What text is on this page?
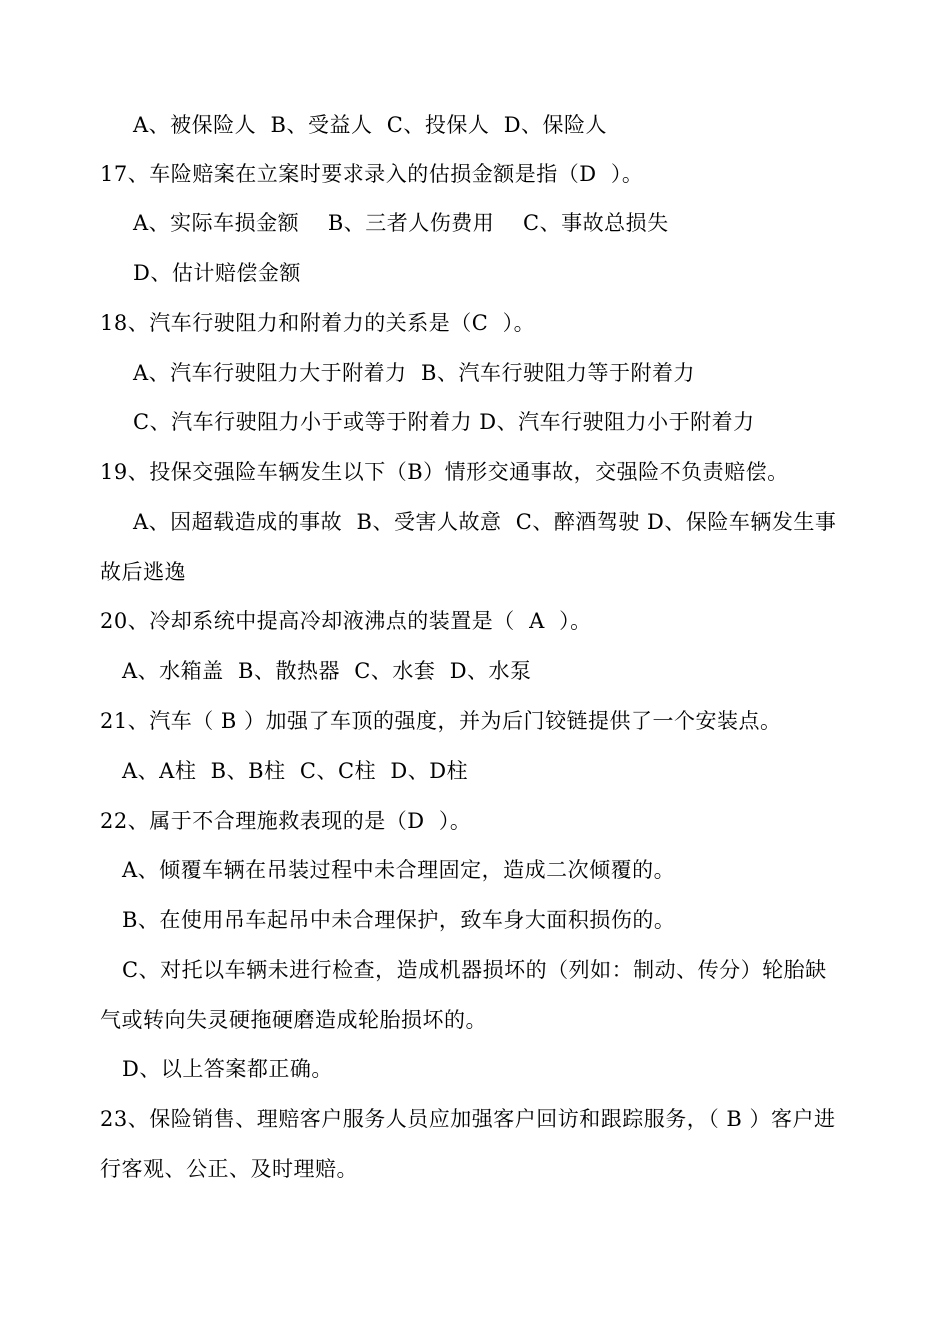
A、被保险人  B、受益人  C、投保人  D、保险人
17、车险赔案在立案时要求录入的估损金额是指（D  ）。
A、实际车损金额    B、三者人伤费用    C、事故总损失
D、估计赔偿金额
18、汽车行驶阻力和附着力的关系是（C  ）。
A、汽车行驶阻力大于附着力  B、汽车行驶阻力等于附着力
C、汽车行驶阻力小于或等于附着力 D、汽车行驶阻力小于附着力
19、投保交强险车辆发生以下（B）情形交通事故，交强险不负责赔偿。
A、因超载造成的事故  B、受害人故意  C、醉酒驾驶 D、保险车辆发生事
故后逃逸
20、冷却系统中提高冷却液沸点的装置是（  A  ）。
A、水箱盖  B、散热器  C、水套  D、水泵
21、汽车（ B ）加强了车顶的强度，并为后门铰链提供了一个安装点。
A、A柱  B、B柱  C、C柱  D、D柱
22、属于不合理施救表现的是（D  ）。
A、倾覆车辆在吊装过程中未合理固定，造成二次倾覆的。
B、在使用吊车起吊中未合理保护，致车身大面积损伤的。
C、对托以车辆未进行检查，造成机器损坏的（列如：制动、传分）轮胎缺
气或转向失灵硬拖硬磨造成轮胎损坏的。
D、以上答案都正确。
23、保险销售、理赔客户服务人员应加强客户回访和跟踪服务，（ B ）客户进
行客观、公正、及时理赔。
